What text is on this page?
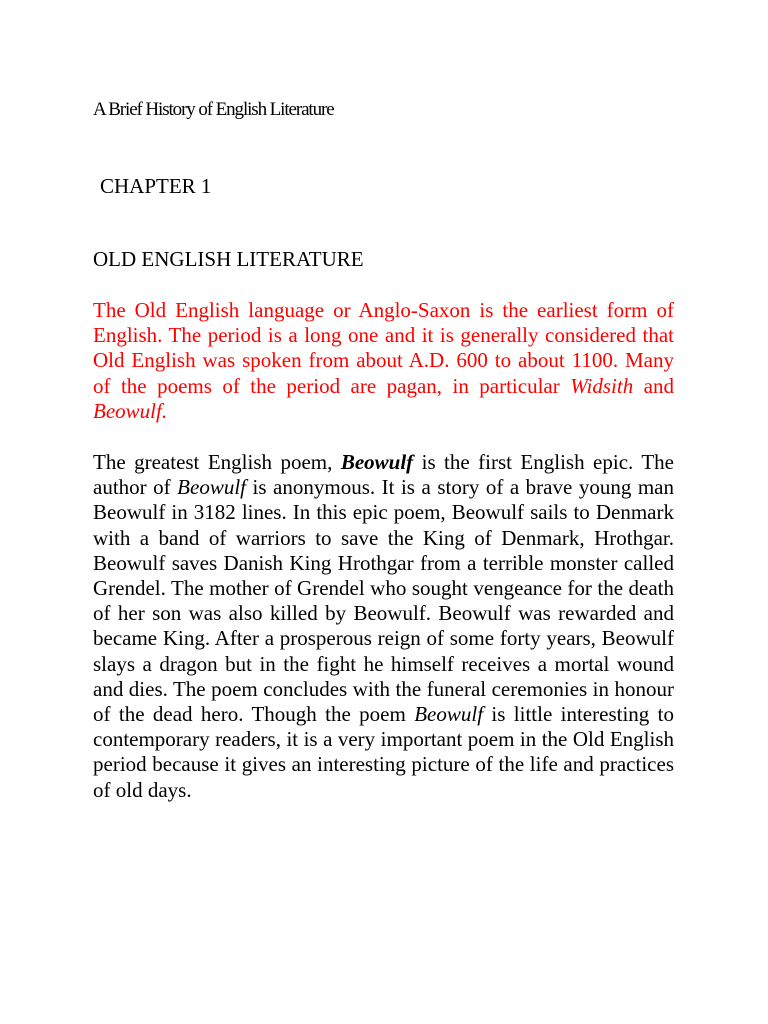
A Brief History of English Literature
CHAPTER 1
OLD ENGLISH LITERATURE

The Old English language or Anglo-Saxon is the earliest form of English. The period is a long one and it is generally considered that Old English was spoken from about A.D. 600 to about 1100. Many of the poems of the period are pagan, in particular Widsith and Beowulf.

The greatest English poem, Beowulf is the first English epic. The author of Beowulf is anonymous. It is a story of a brave young man Beowulf in 3182 lines. In this epic poem, Beowulf sails to Denmark with a band of warriors to save the King of Denmark, Hrothgar. Beowulf saves Danish King Hrothgar from a terrible monster called Grendel. The mother of Grendel who sought vengeance for the death of her son was also killed by Beowulf. Beowulf was rewarded and became King. After a prosperous reign of some forty years, Beowulf slays a dragon but in the fight he himself receives a mortal wound and dies. The poem concludes with the funeral ceremonies in honour of the dead hero. Though the poem Beowulf is little interesting to contemporary readers, it is a very important poem in the Old English period because it gives an interesting picture of the life and practices of old days.
